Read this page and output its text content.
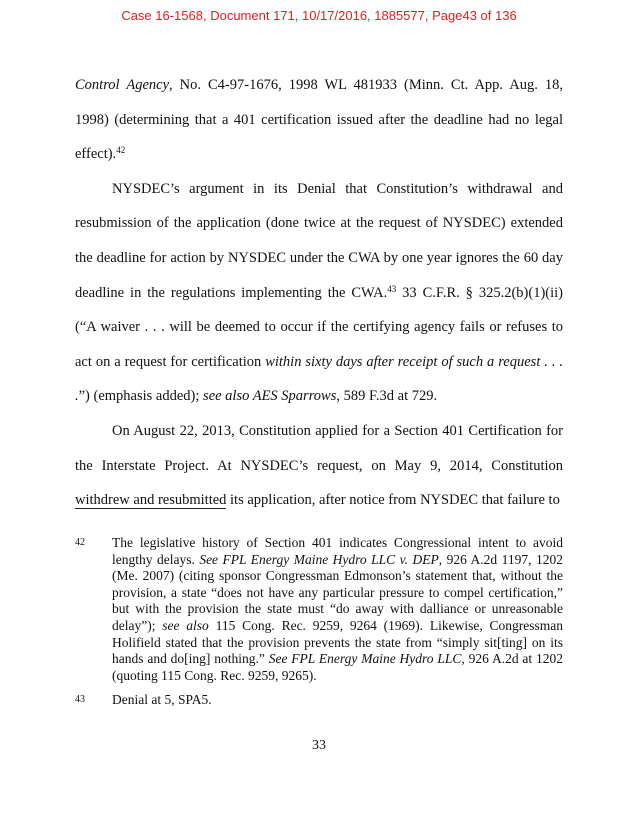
Case 16-1568, Document 171, 10/17/2016, 1885577, Page43 of 136

Control Agency, No. C4-97-1676, 1998 WL 481933 (Minn. Ct. App. Aug. 18, 1998) (determining that a 401 certification issued after the deadline had no legal effect).$^{42}$

NYSDEC’s argument in its Denial that Constitution’s withdrawal and resubmission of the application (done twice at the request of NYSDEC) extended the deadline for action by NYSDEC under the CWA by one year ignores the 60 day deadline in the regulations implementing the CWA.$^{43}$ 33 C.F.R. § 325.2(b)(1)(ii) (“A waiver . . . will be deemed to occur if the certifying agency fails or refuses to act on a request for certification within sixty days after receipt of such a request . . . .”) (emphasis added); see also AES Sparrows, 589 F.3d at 729.

On August 22, 2013, Constitution applied for a Section 401 Certification for the Interstate Project. At NYSDEC’s request, on May 9, 2014, Constitution withdrew and resubmitted its application, after notice from NYSDEC that failure to

42 The legislative history of Section 401 indicates Congressional intent to avoid lengthy delays. See FPL Energy Maine Hydro LLC v. DEP, 926 A.2d 1197, 1202 (Me. 2007) (citing sponsor Congressman Edmonson’s statement that, without the provision, a state “does not have any particular pressure to compel certification,” but with the provision the state must “do away with dalliance or unreasonable delay”); see also 115 Cong. Rec. 9259, 9264 (1969). Likewise, Congressman Holifield stated that the provision prevents the state from “simply sit[ting] on its hands and do[ing] nothing.” See FPL Energy Maine Hydro LLC, 926 A.2d at 1202 (quoting 115 Cong. Rec. 9259, 9265).
43 Denial at 5, SPA5.
33
